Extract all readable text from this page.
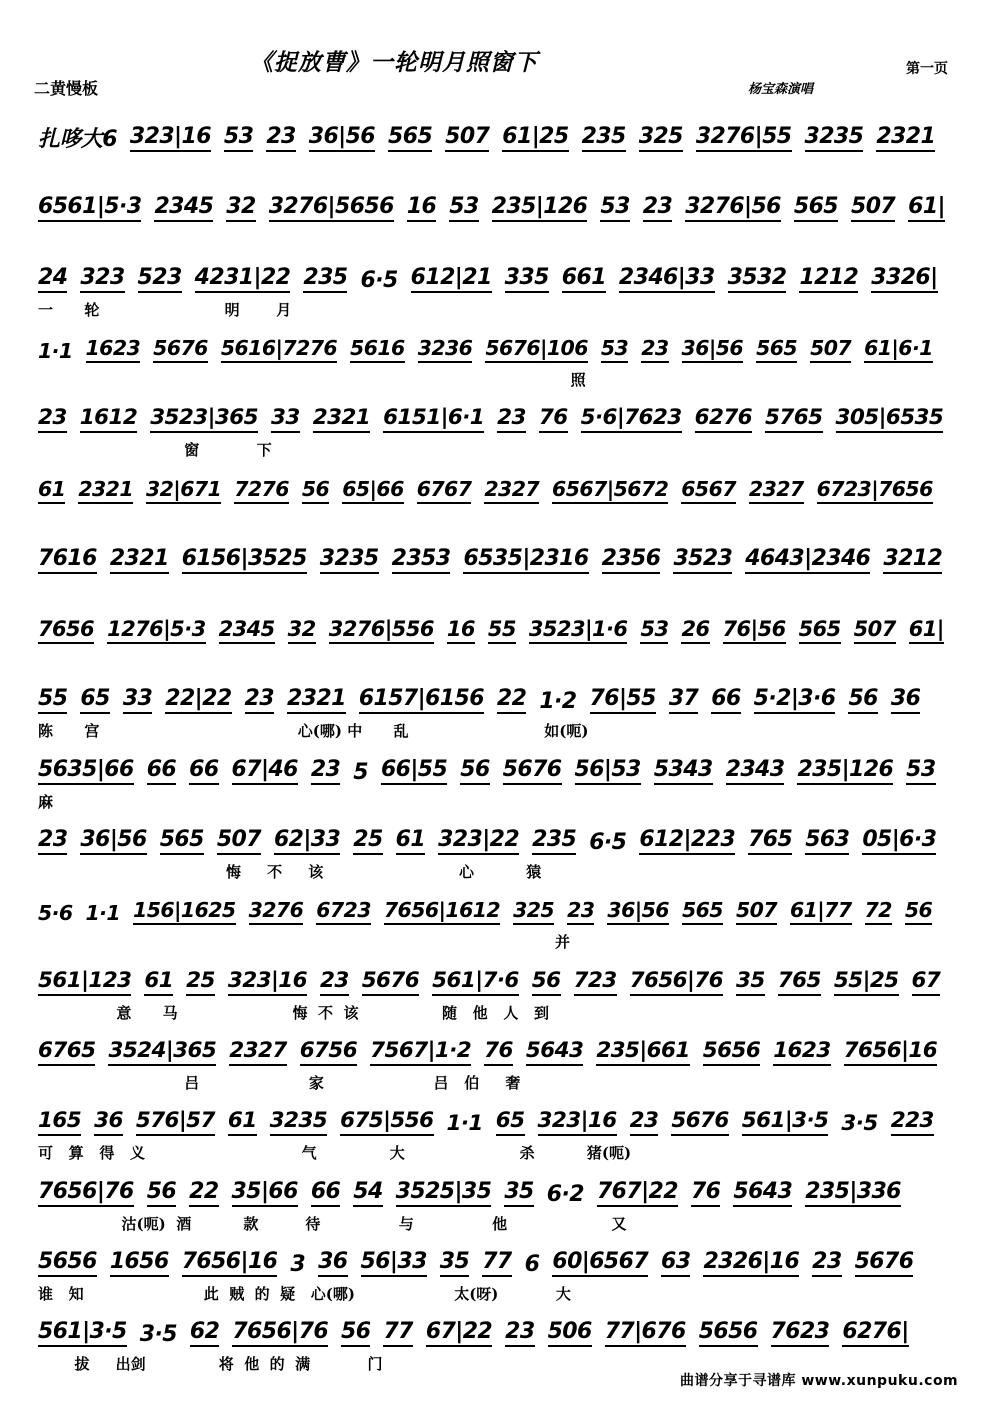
《捉放曹》一轮明月照窗下	第一页
二黄慢板	杨宝森演唱
扎哆大6 323|16 53 23 36|56 565 507 61|25 235 325 3276|55 3235 2321
6561|5·3 2345 32 3276|5656 16 53 235|126 53 23 3276|56 565 507 61|
24 323 523 4231|22 235 6·5 612|21 335 661 2346|33 3532 1212 3326|
一      轮                        明       月
1·1 1623 5676 5616|7276 5616 3236 5676|106 53 23 36|56 565 507 61|6·1
照
23 1612 3523|365 33 2321 6151|6·1 23 76 5·6|7623 6276 5765 305|6535
窗           下
61 2321 32|671 7276 56 65|66 6767 2327 6567|5672 6567 2327 6723|7656
7616 2321 6156|3525 3235 2353 6535|2316 2356 3523 4643|2346 3212
7656 1276|5·3 2345 32 3276|556 16 55 3523|1·6 53 26 76|56 565 507 61|
55 65 33 22|22 23 2321 6157|6156 22 1·2 76|55 37 66 5·2|3·6 56 36
陈      宫                                      心(哪) 中      乱                          如(呃)
5635|66 66 66 67|46 23 5 66|55 56 5676 56|53 5343 2343 235|126 53
麻
23 36|56 565 507 62|33 25 61 323|22 235 6·5 612|223 765 563 05|6·3
悔     不     该                          心          猿
5·6 1·1 156|1625 3276 6723 7656|1612 325 23 36|56 565 507 61|77 72 56
并
561|123 61 25 323|16 23 5676 561|7·6 56 723 7656|76 35 765 55|25 67
意      马                      悔  不  该                随   他   人   到
6765 3524|365 2327 6756 7567|1·2 76 5643 235|661 5656 1623 7656|16
吕                     家                     吕   伯     奢
165 36 576|57 61 3235 675|556 1·1 65 323|16 23 5676 561|3·5 3·5 223
可   算   得   义                              气              大                      杀          猪(呃)
7656|76 56 22 35|66 66 54 3525|35 35 6·2 767|22 76 5643 235|336
沽(呃)  酒          款         待               与               他                    又
5656 1656 7656|16 3 36 56|33 35 77 6 60|6567 63 2326|16 23 5676
谁   知                       此  贼  的  疑   心(哪)                   太(呀)           大
561|3·5 3·5 62 7656|76 56 77 67|22 23 506 77|676 5656 7623 6276|
拔     出剑              将  他  的  满           门
曲谱分享于寻谱库 www.xunpuku.com
